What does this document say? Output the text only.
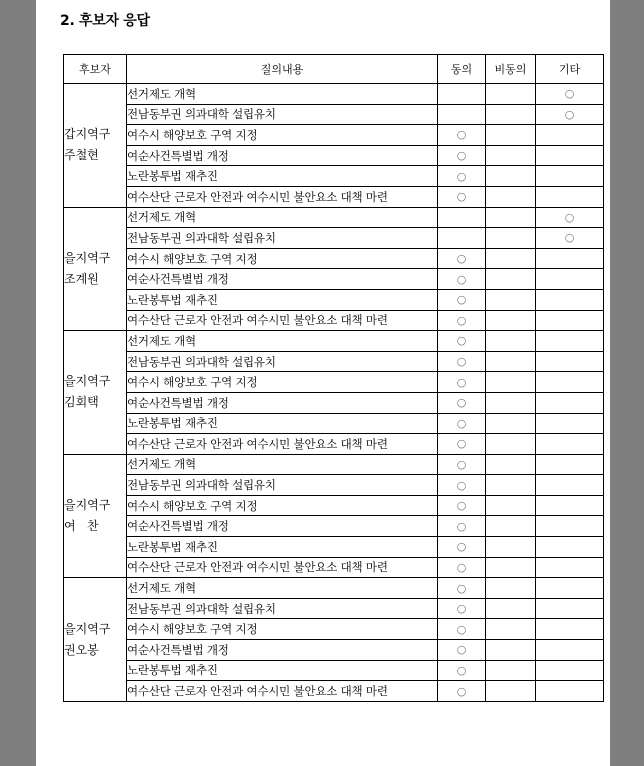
2. 후보자 응답
후보자	질의내용	동의	비동의	기타

갑지역구
주철현	선거제도 개혁			○
	전남동부권 의과대학 설립유치			○
	여수시 해양보호 구역 지정	○		
	여순사건특별법 개정	○		
	노란봉투법 재추진	○		
	여수산단 근로자 안전과 여수시민 불안요소 대책 마련	○		

을지역구
조계원	선거제도 개혁			○
	전남동부권 의과대학 설립유치			○
	여수시 해양보호 구역 지정	○		
	여순사건특별법 개정	○		
	노란봉투법 재추진	○		
	여수산단 근로자 안전과 여수시민 불안요소 대책 마련	○		

을지역구
김회택	선거제도 개혁	○		
	전남동부권 의과대학 설립유치	○		
	여수시 해양보호 구역 지정	○		
	여순사건특별법 개정	○		
	노란봉투법 재추진	○		
	여수산단 근로자 안전과 여수시민 불안요소 대책 마련	○		

을지역구
여   찬	선거제도 개혁	○		
	전남동부권 의과대학 설립유치	○		
	여수시 해양보호 구역 지정	○		
	여순사건특별법 개정	○		
	노란봉투법 재추진	○		
	여수산단 근로자 안전과 여수시민 불안요소 대책 마련	○		

을지역구
권오봉	선거제도 개혁	○		
	전남동부권 의과대학 설립유치	○		
	여수시 해양보호 구역 지정	○		
	여순사건특별법 개정	○		
	노란봉투법 재추진	○		
	여수산단 근로자 안전과 여수시민 불안요소 대책 마련	○		
